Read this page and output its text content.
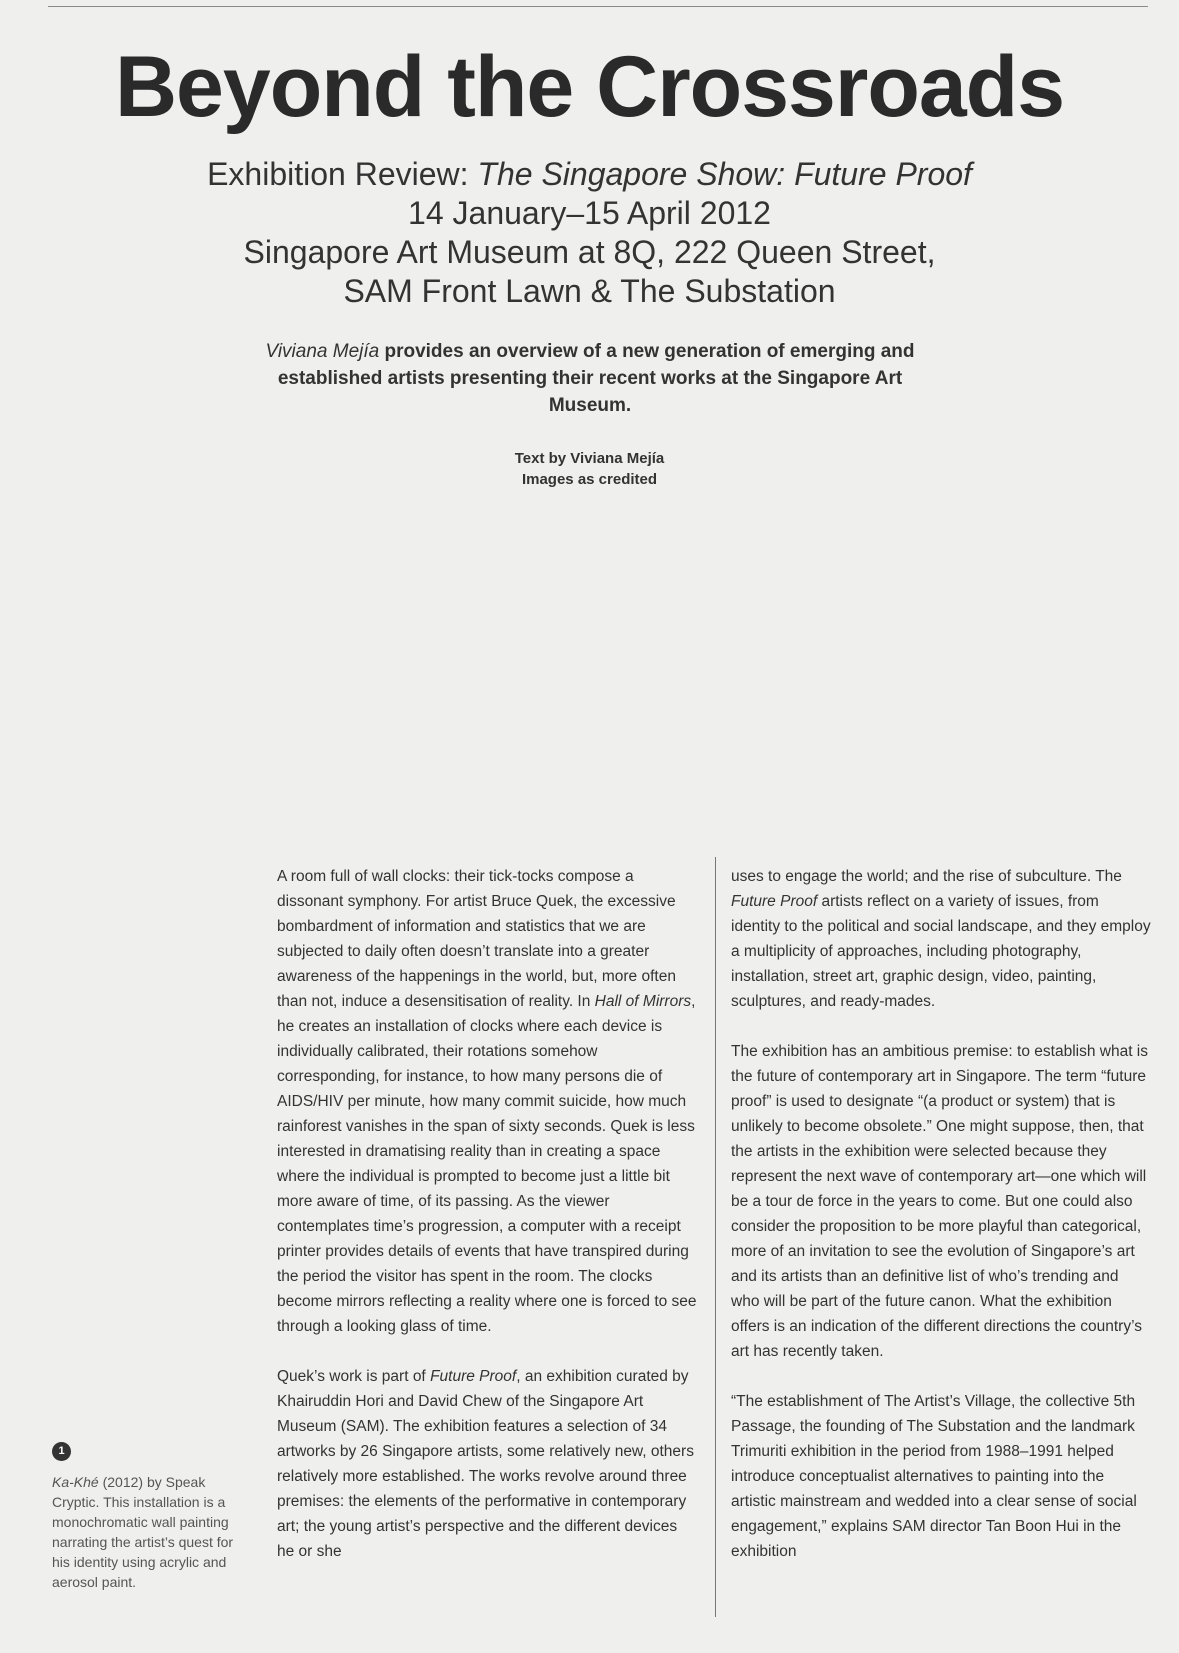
Beyond the Crossroads
Exhibition Review: The Singapore Show: Future Proof
14 January–15 April 2012
Singapore Art Museum at 8Q, 222 Queen Street,
SAM Front Lawn & The Substation
Viviana Mejía provides an overview of a new generation of emerging and established artists presenting their recent works at the Singapore Art Museum.
Text by Viviana Mejía
Images as credited

A room full of wall clocks: their tick-tocks compose a dissonant symphony. For artist Bruce Quek, the excessive bombardment of information and statistics that we are subjected to daily often doesn’t translate into a greater awareness of the happenings in the world, but, more often than not, induce a desensitisation of reality. In Hall of Mirrors, he creates an installation of clocks where each device is individually calibrated, their rotations somehow corresponding, for instance, to how many persons die of AIDS/HIV per minute, how many commit suicide, how much rainforest vanishes in the span of sixty seconds. Quek is less interested in dramatising reality than in creating a space where the individual is prompted to become just a little bit more aware of time, of its passing. As the viewer contemplates time’s progression, a computer with a receipt printer provides details of events that have transpired during the period the visitor has spent in the room. The clocks become mirrors reflecting a reality where one is forced to see through a looking glass of time.

Quek’s work is part of Future Proof, an exhibition curated by Khairuddin Hori and David Chew of the Singapore Art Museum (SAM). The exhibition features a selection of 34 artworks by 26 Singapore artists, some relatively new, others relatively more established. The works revolve around three premises: the elements of the performative in contemporary art; the young artist’s perspective and the different devices he or she

uses to engage the world; and the rise of subculture. The Future Proof artists reflect on a variety of issues, from identity to the political and social landscape, and they employ a multiplicity of approaches, including photography, installation, street art, graphic design, video, painting, sculptures, and ready-mades.

The exhibition has an ambitious premise: to establish what is the future of contemporary art in Singapore. The term “future proof” is used to designate “(a product or system) that is unlikely to become obsolete.” One might suppose, then, that the artists in the exhibition were selected because they represent the next wave of contemporary art—one which will be a tour de force in the years to come. But one could also consider the proposition to be more playful than categorical, more of an invitation to see the evolution of Singapore’s art and its artists than an definitive list of who’s trending and who will be part of the future canon. What the exhibition offers is an indication of the different directions the country’s art has recently taken.

“The establishment of The Artist’s Village, the collective 5th Passage, the founding of The Substation and the landmark Trimuriti exhibition in the period from 1988–1991 helped introduce conceptualist alternatives to painting into the artistic mainstream and wedded into a clear sense of social engagement,” explains SAM director Tan Boon Hui in the exhibition

1
Ka-Khé (2012) by Speak Cryptic. This installation is a monochromatic wall painting narrating the artist’s quest for his identity using acrylic and aerosol paint.
